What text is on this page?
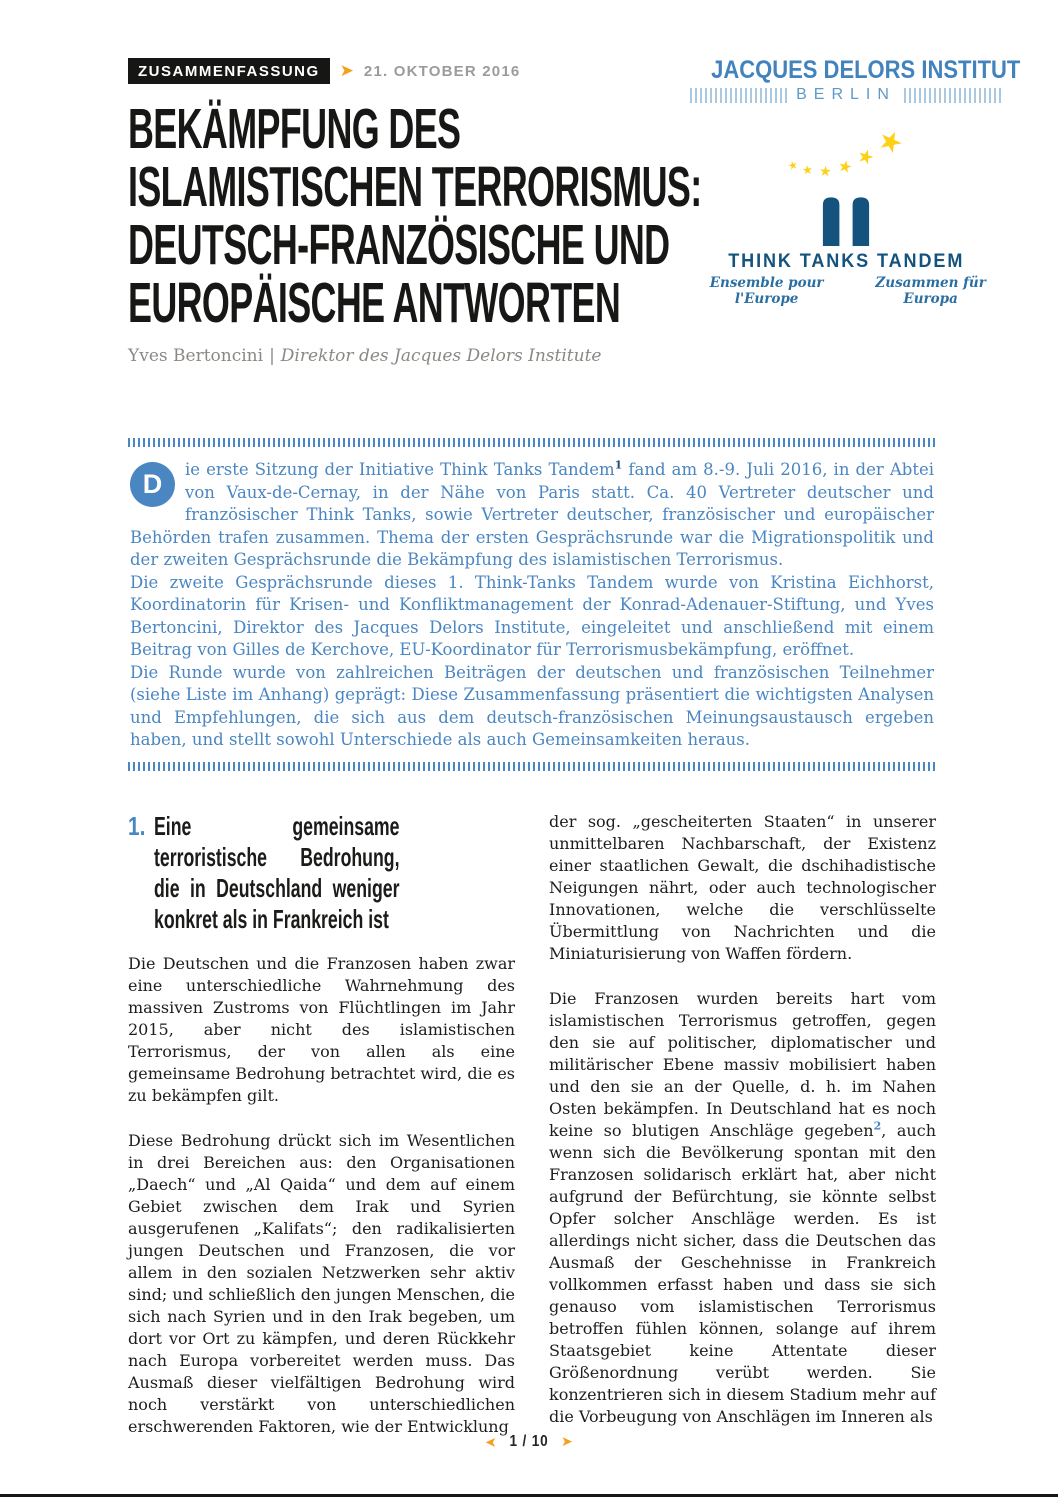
ZUSAMMENFASSUNG	➤ 21. OKTOBER 2016
BEKÄMPFUNG DES
ISLAMISTISCHEN TERRORISMUS:
DEUTSCH-FRANZÖSISCHE UND
EUROPÄISCHE ANTWORTEN
Yves Bertoncini | Direktor des Jacques Delors Institute
JACQUES DELORS INSTITUT
BERLIN
★ ★ ★ ★ ★
★
THINK TANKS TANDEM
Ensemble pour l'Europe
Zusammen für Europa

D	ie erste Sitzung der Initiative Think Tanks Tandem$^1$ fand am 8.-9. Juli 2016, in der Abtei von Vaux-de-Cernay, in der Nähe von Paris statt. Ca. 40 Vertreter deutscher und französischer Think Tanks, sowie Vertreter deutscher, französischer und europäischer Behörden trafen zusammen. Thema der ersten Gesprächsrunde war die Migrationspolitik und der zweiten Gesprächsrunde die Bekämpfung des islamistischen Terrorismus.

Die zweite Gesprächsrunde dieses 1. Think-Tanks Tandem wurde von Kristina Eichhorst, Koordinatorin für Krisen- und Konfliktmanagement der Konrad-Adenauer-Stiftung, und Yves Bertoncini, Direktor des Jacques Delors Institute, eingeleitet und anschließend mit einem Beitrag von Gilles de Kerchove, EU-Koordinator für Terrorismusbekämpfung, eröffnet.

Die Runde wurde von zahlreichen Beiträgen der deutschen und französischen Teilnehmer (siehe Liste im Anhang) geprägt: Diese Zusammenfassung präsentiert die wichtigsten Analysen und Empfehlungen, die sich aus dem deutsch-französischen Meinungsaustausch ergeben haben, und stellt sowohl Unterschiede als auch Gemeinsamkeiten heraus.

1. Eine gemeinsame terroristische Bedrohung, die in Deutschland weniger konkret als in Frankreich ist

Die Deutschen und die Franzosen haben zwar eine unterschiedliche Wahrnehmung des massiven Zustroms von Flüchtlingen im Jahr 2015, aber nicht des islamistischen Terrorismus, der von allen als eine gemeinsame Bedrohung betrachtet wird, die es zu bekämpfen gilt.

Diese Bedrohung drückt sich im Wesentlichen in drei Bereichen aus: den Organisationen „Daech“ und „Al Qaida“ und dem auf einem Gebiet zwischen dem Irak und Syrien ausgerufenen „Kalifats“; den radikalisierten jungen Deutschen und Franzosen, die vor allem in den sozialen Netzwerken sehr aktiv sind; und schließlich den jungen Menschen, die sich nach Syrien und in den Irak begeben, um dort vor Ort zu kämpfen, und deren Rückkehr nach Europa vorbereitet werden muss. Das Ausmaß dieser vielfältigen Bedrohung wird noch verstärkt von unterschiedlichen erschwerenden Faktoren, wie der Entwicklung

der sog. „gescheiterten Staaten“ in unserer unmittelbaren Nachbarschaft, der Existenz einer staatlichen Gewalt, die dschihadistische Neigungen nährt, oder auch technologischer Innovationen, welche die verschlüsselte Übermittlung von Nachrichten und die Miniaturisierung von Waffen fördern.

Die Franzosen wurden bereits hart vom islamistischen Terrorismus getroffen, gegen den sie auf politischer, diplomatischer und militärischer Ebene massiv mobilisiert haben und den sie an der Quelle, d. h. im Nahen Osten bekämpfen. In Deutschland hat es noch keine so blutigen Anschläge gegeben$^2$, auch wenn sich die Bevölkerung spontan mit den Franzosen solidarisch erklärt hat, aber nicht aufgrund der Befürchtung, sie könnte selbst Opfer solcher Anschläge werden. Es ist allerdings nicht sicher, dass die Deutschen das Ausmaß der Geschehnisse in Frankreich vollkommen erfasst haben und dass sie sich genauso vom islamistischen Terrorismus betroffen fühlen können, solange auf ihrem Staatsgebiet keine Attentate dieser Größenordnung verübt werden. Sie konzentrieren sich in diesem Stadium mehr auf die Vorbeugung von Anschlägen im Inneren als

➤ 1 / 10 ➤
